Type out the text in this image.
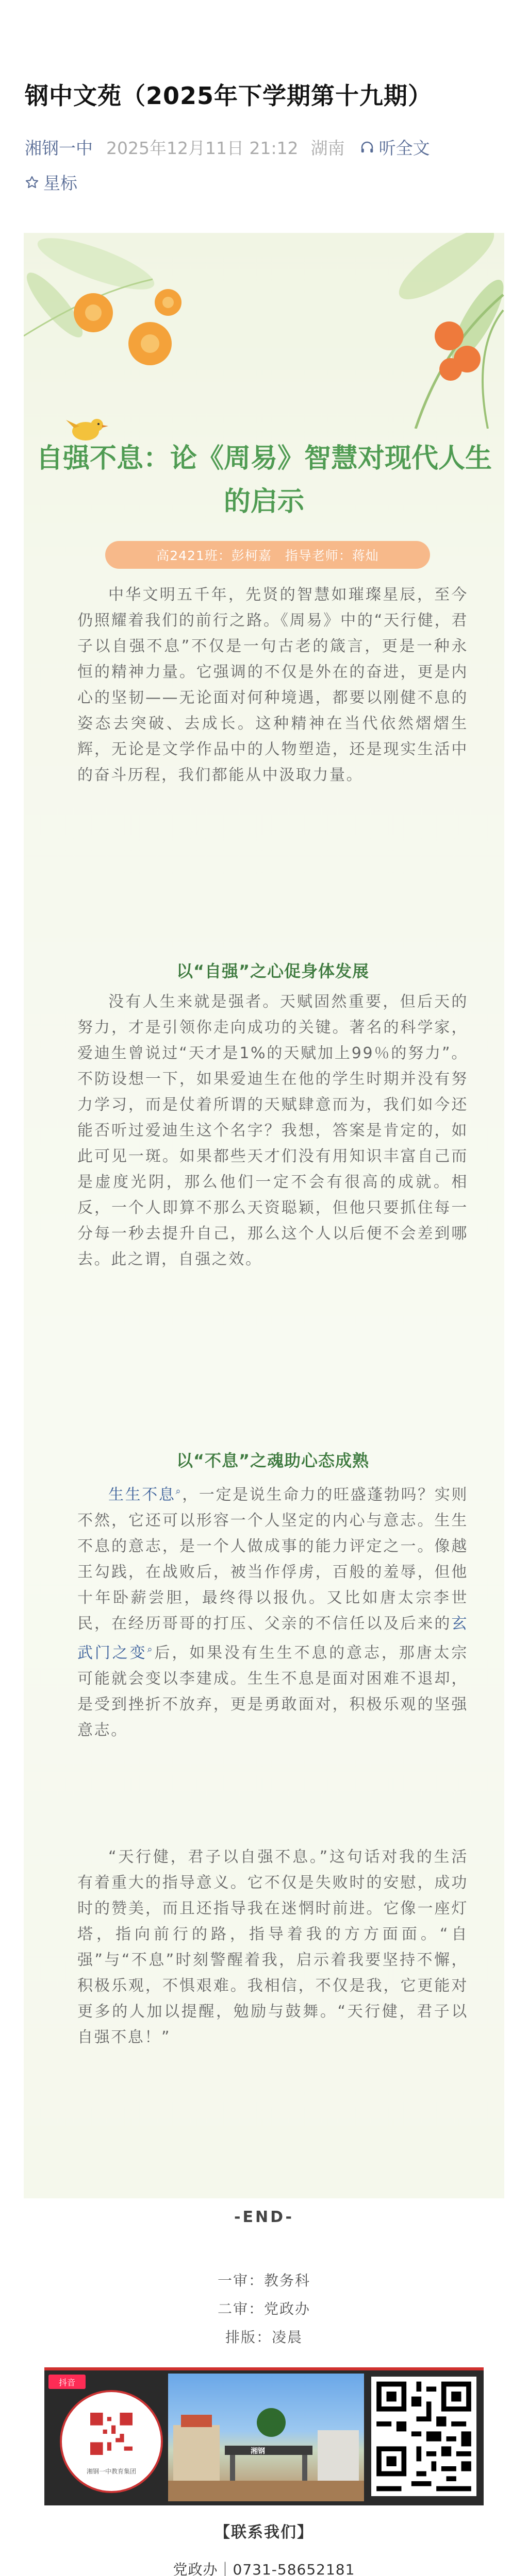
钢中文苑（2025年下学期第十九期）
湘钢一中 2025年12月11日 21:12 湖南 听全文
星标
自强不息：论《周易》智慧对现代人生的启示
高2421班：彭柯嘉　指导老师：蒋灿

中华文明五千年，先贤的智慧如璀璨星辰，至今仍照耀着我们的前行之路。《周易》中的“天行健，君子以自强不息”不仅是一句古老的箴言，更是一种永恒的精神力量。它强调的不仅是外在的奋进，更是内心的坚韧——无论面对何种境遇，都要以刚健不息的姿态去突破、去成长。这种精神在当代依然熠熠生辉，无论是文学作品中的人物塑造，还是现实生活中的奋斗历程，我们都能从中汲取力量。

以“自强”之心促身体发展

没有人生来就是强者。天赋固然重要，但后天的努力，才是引领你走向成功的关键。著名的科学家，爱迪生曾说过“天才是1%的天赋加上99％的努力”。不防设想一下，如果爱迪生在他的学生时期并没有努力学习，而是仗着所谓的天赋肆意而为，我们如今还能否听过爱迪生这个名字？我想，答案是肯定的，如此可见一斑。如果都些天才们没有用知识丰富自己而是虚度光阴，那么他们一定不会有很高的成就。相反，一个人即算不那么天资聪颖，但他只要抓住每一分每一秒去提升自己，那么这个人以后便不会差到哪去。此之谓，自强之效。

以“不息”之魂助心态成熟

生生不息⌕，一定是说生命力的旺盛蓬勃吗？实则不然，它还可以形容一个人坚定的内心与意志。生生不息的意志，是一个人做成事的能力评定之一。像越王勾践，在战败后，被当作俘虏，百般的羞辱，但他十年卧薪尝胆，最终得以报仇。又比如唐太宗李世民，在经历哥哥的打压、父亲的不信任以及后来的玄武门之变⌕后，如果没有生生不息的意志，那唐太宗可能就会变以李建成。生生不息是面对困难不退却，是受到挫折不放弃，更是勇敢面对，积极乐观的坚强意志。

“天行健，君子以自强不息。”这句话对我的生活有着重大的指导意义。它不仅是失败时的安慰，成功时的赞美，而且还指导我在迷惘时前进。它像一座灯塔，指向前行的路，指导着我的方方面面。“自强”与“不息”时刻警醒着我，启示着我要坚持不懈，积极乐观，不惧艰难。我相信，不仅是我，它更能对更多的人加以提醒，勉励与鼓舞。“天行健，君子以自强不息！”

-END-
一审：教务科
二审：党政办
排版：凌晨
抖音
湘钢一中教育集团
湘钢
【联系我们】
党政办｜0731-58652181
